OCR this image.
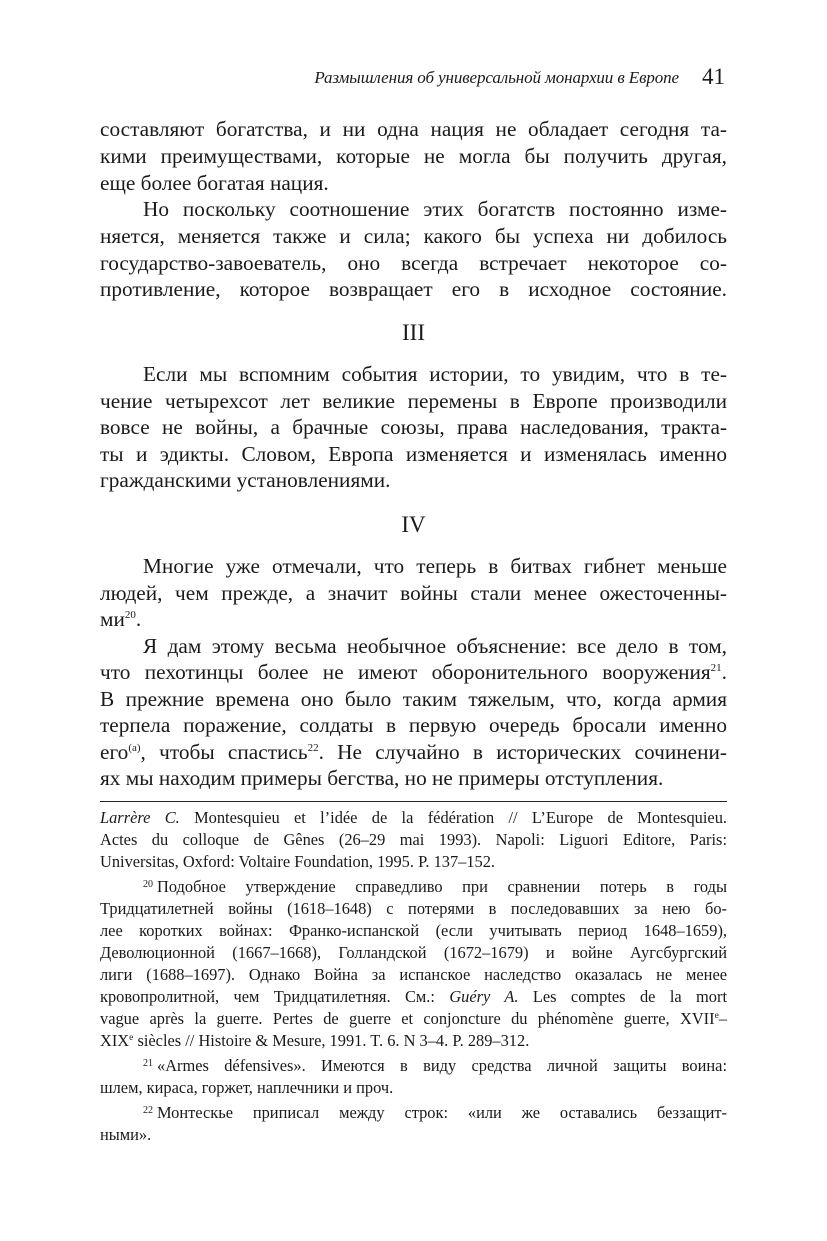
Размышления об универсальной монархии в Европе 41
составляют богатства, и ни одна нация не обладает сегодня та-
кими преимуществами, которые не могла бы получить другая,
еще более богатая нация.
Но поскольку соотношение этих богатств постоянно изме-
няется, меняется также и сила; какого бы успеха ни добилось
государство-завоеватель, оно всегда встречает некоторое со-
противление, которое возвращает его в исходное состояние.
III
Если мы вспомним события истории, то увидим, что в те-
чение четырехсот лет великие перемены в Европе производили
вовсе не войны, а брачные союзы, права наследования, тракта-
ты и эдикты. Словом, Европа изменяется и изменялась именно
гражданскими установлениями.
IV
Многие уже отмечали, что теперь в битвах гибнет меньше
людей, чем прежде, а значит войны стали менее ожесточенны-
ми$^{20}$.
Я дам этому весьма необычное объяснение: все дело в том,
что пехотинцы более не имеют оборонительного вооружения$^{21}$.
В прежние времена оно было таким тяжелым, что, когда армия
терпела поражение, солдаты в первую очередь бросали именно
его$^{(a)}$, чтобы спастись$^{22}$. Не случайно в исторических сочинени-
ях мы находим примеры бегства, но не примеры отступления.
Larrère C. Montesquieu et l’idée de la fédération // L’Europe de Montesquieu.
Actes du colloque de Gênes (26–29 mai 1993). Napoli: Liguori Editore, Paris:
Universitas, Oxford: Voltaire Foundation, 1995. P. 137–152.
$^{20}$ Подобное утверждение справедливо при сравнении потерь в годы
Тридцатилетней войны (1618–1648) с потерями в последовавших за нею бо-
лее коротких войнах: Франко-испанской (если учитывать период 1648–1659),
Деволюционной (1667–1668), Голландской (1672–1679) и войне Аугсбургский
лиги (1688–1697). Однако Война за испанское наследство оказалась не менее
кровопролитной, чем Тридцатилетняя. См.: Guéry A. Les comptes de la mort
vague après la guerre. Pertes de guerre et conjoncture du phénomène guerre, XVIIe–
XIXe siècles // Histoire & Mesure, 1991. T. 6. N 3–4. P. 289–312.
$^{21}$ «Armes défensives». Имеются в виду средства личной защиты воина:
шлем, кираса, горжет, наплечники и проч.
$^{22}$ Монтескье приписал между строк: «или же оставались беззащит-
ными».
